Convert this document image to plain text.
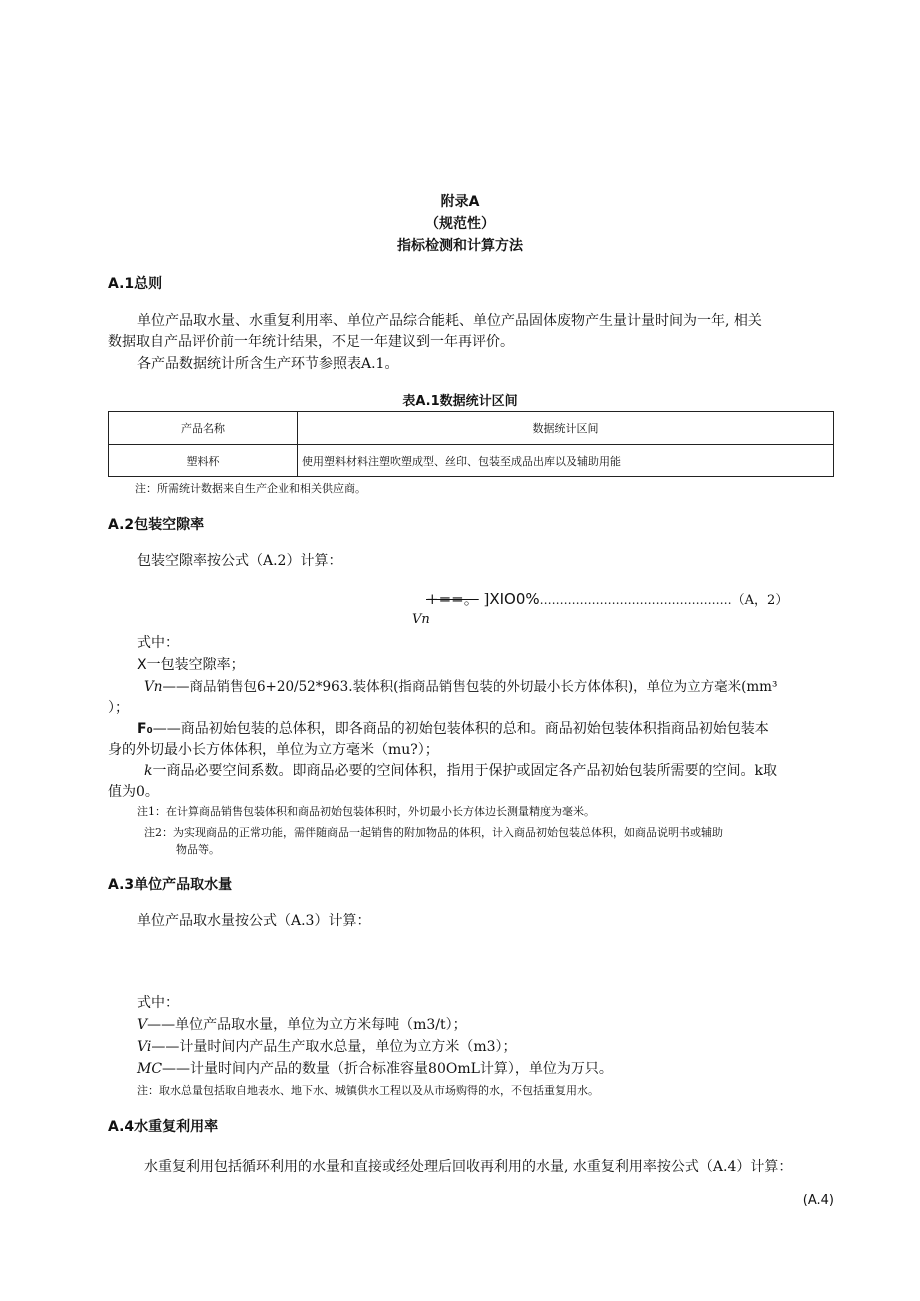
附录A
（规范性）
指标检测和计算方法
A.1总则
单位产品取水量、水重复利用率、单位产品综合能耗、单位产品固体废物产生量计量时间为一年, 相关
数据取自产品评价前一年统计结果，不足一年建议到一年再评价。
各产品数据统计所含生产环节参照表A.1。
表A.1数据统计区间
产品名称	数据统计区间
塑料杯	使用塑料材料注塑吹塑成型、丝印、包装至成品出库以及辅助用能
注：所需统计数据来自生产企业和相关供应商。
A.2包装空隙率
包装空隙率按公式（A.2）计算：
+==。 ]XIO0%…………………………………………（A，2）
Vn
式中：
X一包装空隙率；
Vn——商品销售包6+20/52*963.装体积(指商品销售包装的外切最小长方体体积)，单位为立方毫米(mm³
）；
F₀——商品初始包装的总体积，即各商品的初始包装体积的总和。商品初始包装体积指商品初始包装本
身的外切最小长方体体积，单位为立方毫米（mu?）；
k一商品必要空间系数。即商品必要的空间体积，指用于保护或固定各产品初始包装所需要的空间。k取
值为0。
注1：在计算商品销售包装体积和商品初始包装体积时，外切最小长方体边长测量精度为毫米。
注2：为实现商品的正常功能，需伴随商品一起销售的附加物品的体积，计入商品初始包装总体积，如商品说明书或辅助
物品等。
A.3单位产品取水量
单位产品取水量按公式（A.3）计算：
式中：
V——单位产品取水量，单位为立方米每吨（m3/t）；
Vi——计量时间内产品生产取水总量，单位为立方米（m3）；
MC——计量时间内产品的数量（折合标准容量80OmL计算），单位为万只。
注：取水总量包括取自地表水、地下水、城镇供水工程以及从市场购得的水，不包括重复用水。
A.4水重复利用率
水重复利用包括循环利用的水量和直接或经处理后回收再利用的水量, 水重复利用率按公式（A.4）计算：
(A.4)
